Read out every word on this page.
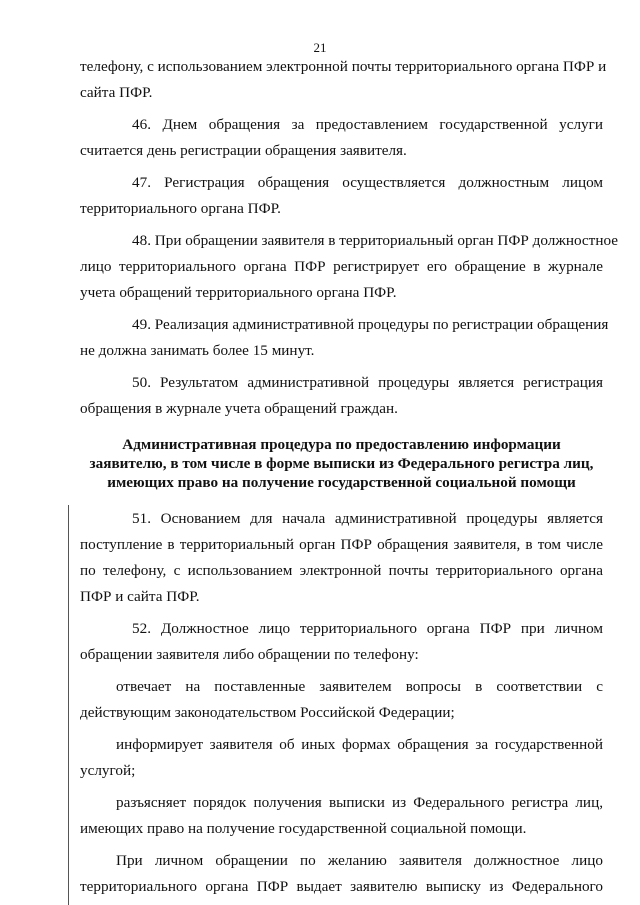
21
телефону, с использованием электронной почты территориального органа ПФР и
сайта ПФР.
46. Днем обращения за предоставлением государственной услуги
считается день регистрации обращения заявителя.
47. Регистрация обращения осуществляется должностным лицом
территориального органа ПФР.
48. При обращении заявителя в территориальный орган ПФР должностное
лицо территориального органа ПФР регистрирует его обращение в журнале
учета обращений территориального органа ПФР.
49. Реализация административной процедуры по регистрации обращения
не должна занимать более 15 минут.
50. Результатом административной процедуры является регистрация
обращения в журнале учета обращений граждан.
Административная процедура по предоставлению информации
заявителю, в том числе в форме выписки из Федерального регистра лиц,
имеющих право на получение государственной социальной помощи
51. Основанием для начала административной процедуры является
поступление в территориальный орган ПФР обращения заявителя, в том числе
по телефону, с использованием электронной почты территориального органа
ПФР и сайта ПФР.
52. Должностное лицо территориального органа ПФР при личном
обращении заявителя либо обращении по телефону:
отвечает на поставленные заявителем вопросы в соответствии с
действующим законодательством Российской Федерации;
информирует заявителя об иных формах обращения за государственной
услугой;
разъясняет порядок получения выписки из Федерального регистра лиц,
имеющих право на получение государственной социальной помощи.
При личном обращении по желанию заявителя должностное лицо
территориального органа ПФР выдает заявителю выписку из Федерального
